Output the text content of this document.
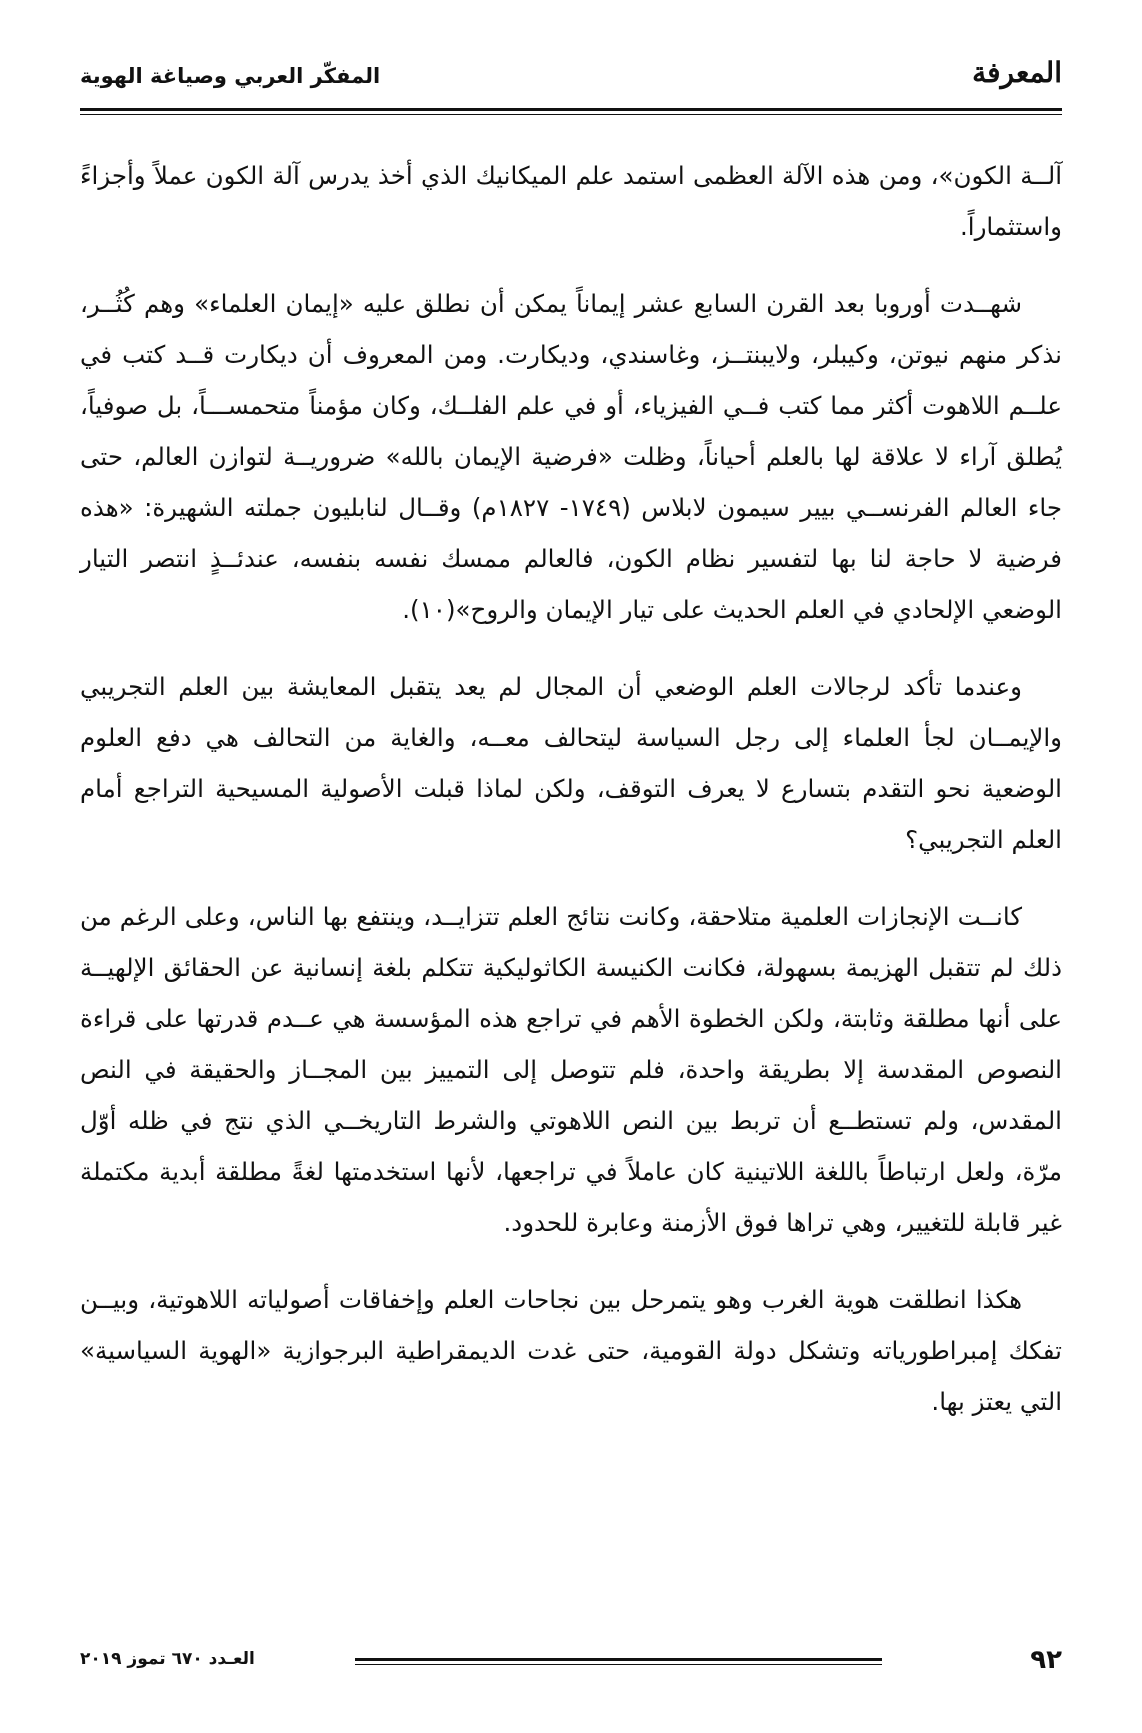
المفكّر العربي وصياغة الهوية	المعرفة

آلــة الكون»، ومن هذه الآلة العظمى استمد علم الميكانيك الذي أخذ يدرس آلة الكون عملاً وأجزاءً واستثماراً.

شهــدت أوروبا بعد القرن السابع عشر إيماناً يمكن أن نطلق عليه «إيمان العلماء» وهم كُثُــر، نذكر منهم نيوتن، وكيبلر، ولايبنتــز، وغاسندي، وديكارت. ومن المعروف أن ديكارت قــد كتب في علــم اللاهوت أكثر مما كتب فــي الفيزياء، أو في علم الفلــك، وكان مؤمناً متحمســـاً، بل صوفياً، يُطلق آراء لا علاقة لها بالعلم أحياناً، وظلت «فرضية الإيمان بالله» ضروريــة لتوازن العالم، حتى جاء العالم الفرنســي بيير سيمون لابلاس (١٧٤٩- ١٨٢٧م) وقــال لنابليون جملته الشهيرة: «هذه فرضية لا حاجة لنا بها لتفسير نظام الكون، فالعالم ممسك نفسه بنفسه، عندئــذٍ انتصر التيار الوضعي الإلحادي في العلم الحديث على تيار الإيمان والروح»(١٠).

وعندما تأكد لرجالات العلم الوضعي أن المجال لم يعد يتقبل المعايشة بين العلم التجريبي والإيمــان لجأ العلماء إلى رجل السياسة ليتحالف معــه، والغاية من التحالف هي دفع العلوم الوضعية نحو التقدم بتسارع لا يعرف التوقف، ولكن لماذا قبلت الأصولية المسيحية التراجع أمام العلم التجريبي؟

كانــت الإنجازات العلمية متلاحقة، وكانت نتائج العلم تتزايــد، وينتفع بها الناس، وعلى الرغم من ذلك لم تتقبل الهزيمة بسهولة، فكانت الكنيسة الكاثوليكية تتكلم بلغة إنسانية عن الحقائق الإلهيــة على أنها مطلقة وثابتة، ولكن الخطوة الأهم في تراجع هذه المؤسسة هي عــدم قدرتها على قراءة النصوص المقدسة إلا بطريقة واحدة، فلم تتوصل إلى التمييز بين المجــاز والحقيقة في النص المقدس، ولم تستطــع أن تربط بين النص اللاهوتي والشرط التاريخــي الذي نتج في ظله أوّل مرّة، ولعل ارتباطاً باللغة اللاتينية كان عاملاً في تراجعها، لأنها استخدمتها لغةً مطلقة أبدية مكتملة غير قابلة للتغيير، وهي تراها فوق الأزمنة وعابرة للحدود.

هكذا انطلقت هوية الغرب وهو يتمرحل بين نجاحات العلم وإخفاقات أصولياته اللاهوتية، وبيــن تفكك إمبراطورياته وتشكل دولة القومية، حتى غدت الديمقراطية البرجوازية «الهوية السياسية» التي يعتز بها.

٩٢
العـدد ٦٧٠ تموز ٢٠١٩
